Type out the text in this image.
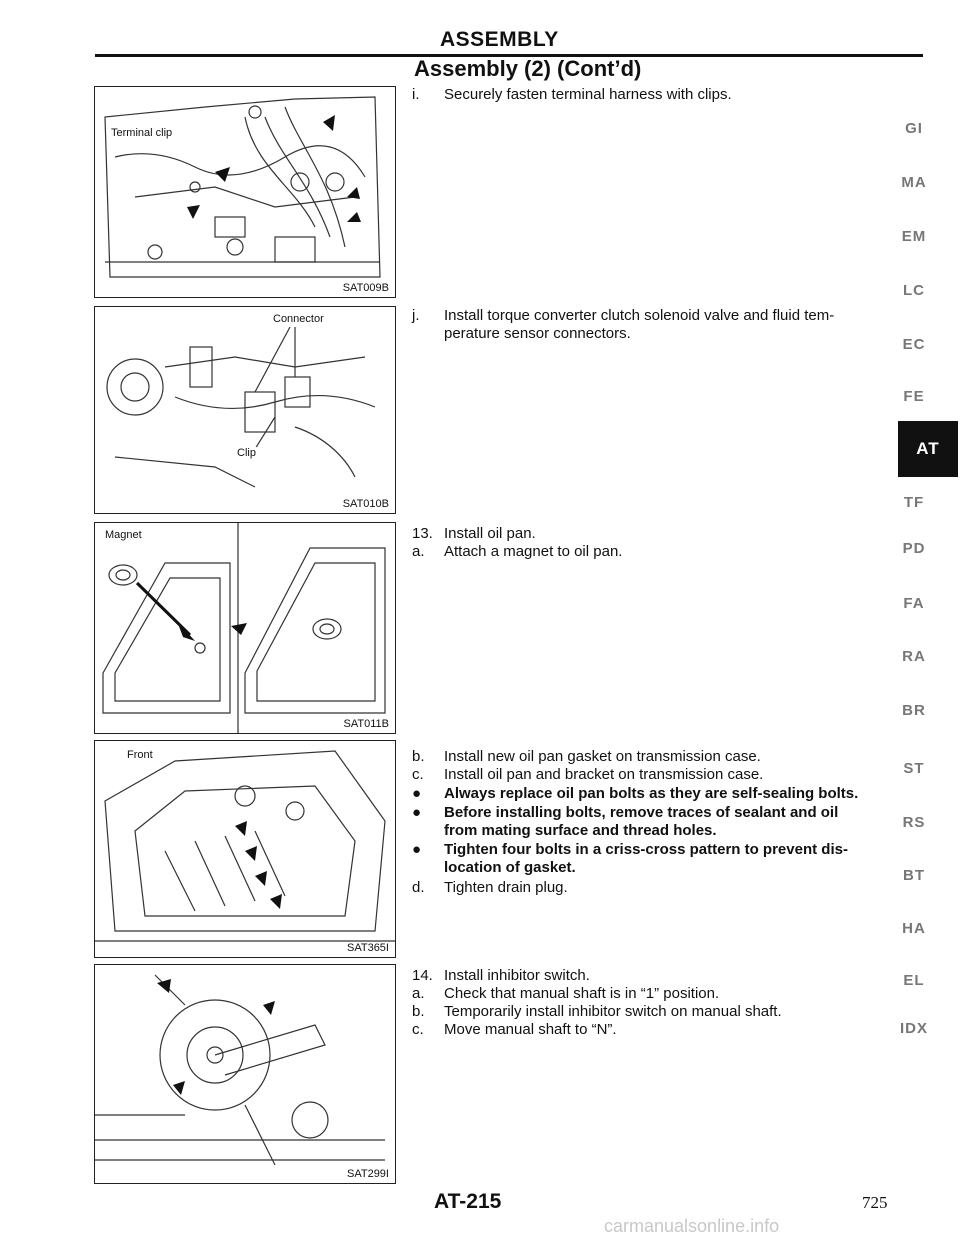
ASSEMBLY
Assembly (2) (Cont’d)
Terminal clip
SAT009B
Connector
Clip
SAT010B
Magnet
SAT011B
Front
SAT365I
SAT299I
i. Securely fasten terminal harness with clips.
j. Install torque converter clutch solenoid valve and fluid tem-
perature sensor connectors.
13. Install oil pan.
a. Attach a magnet to oil pan.
b. Install new oil pan gasket on transmission case.
c. Install oil pan and bracket on transmission case.
● Always replace oil pan bolts as they are self-sealing bolts.
● Before installing bolts, remove traces of sealant and oil
from mating surface and thread holes.
● Tighten four bolts in a criss-cross pattern to prevent dis-
location of gasket.
d. Tighten drain plug.
14. Install inhibitor switch.
a. Check that manual shaft is in “1” position.
b. Temporarily install inhibitor switch on manual shaft.
c. Move manual shaft to “N”.
GI
MA
EM
LC
EC
FE
AT
TF
PD
FA
RA
BR
ST
RS
BT
HA
EL
IDX
AT-215	725
carmanualsonline.info
